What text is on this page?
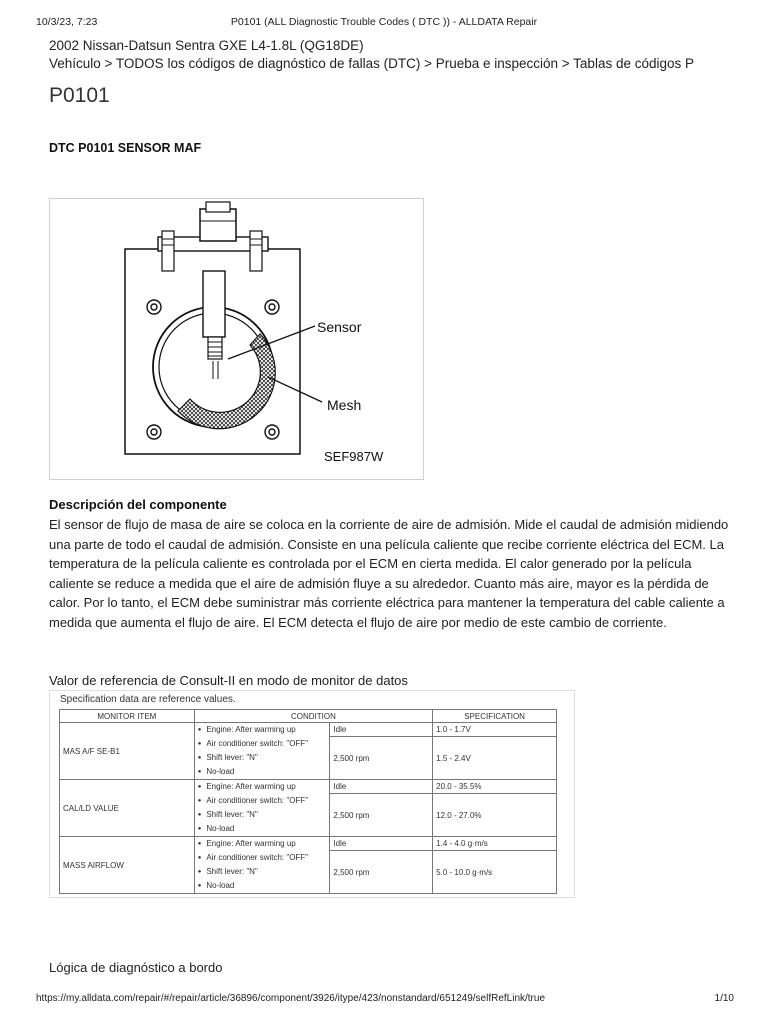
10/3/23, 7:23	P0101 (ALL Diagnostic Trouble Codes ( DTC )) - ALLDATA Repair
2002 Nissan-Datsun Sentra GXE L4-1.8L (QG18DE)
Vehículo > TODOS los códigos de diagnóstico de fallas (DTC) > Prueba e inspección > Tablas de códigos P
P0101
DTC P0101 SENSOR MAF
Sensor
Mesh
SEF987W
Descripción del componente

El sensor de flujo de masa de aire se coloca en la corriente de aire de admisión. Mide el caudal de admisión midiendo una parte de todo el caudal de admisión. Consiste en una película caliente que recibe corriente eléctrica del ECM. La temperatura de la película caliente es controlada por el ECM en cierta medida. El calor generado por la película caliente se reduce a medida que el aire de admisión fluye a su alrededor. Cuanto más aire, mayor es la pérdida de calor. Por lo tanto, el ECM debe suministrar más corriente eléctrica para mantener la temperatura del cable caliente a medida que aumenta el flujo de aire. El ECM detecta el flujo de aire por medio de este cambio de corriente.

Valor de referencia de Consult-II en modo de monitor de datos
Specification data are reference values.
MONITOR ITEM	CONDITION		SPECIFICATION
MAS A/F SE-B1	● Engine: After warming up
● Air conditioner switch: "OFF"
● Shift lever: "N"
● No-load	Idle	1.0 - 1.7V
		2,500 rpm	1.5 - 2.4V
CAL/LD VALUE	● Engine: After warming up
● Air conditioner switch: "OFF"
● Shift lever: "N"
● No-load	Idle	20.0 - 35.5%
		2,500 rpm	12.0 - 27.0%
MASS AIRFLOW	● Engine: After warming up
● Air conditioner switch: "OFF"
● Shift lever: "N"
● No-load	Idle	1.4 - 4.0 g·m/s
		2,500 rpm	5.0 - 10.0 g·m/s
Lógica de diagnóstico a bordo
https://my.alldata.com/repair/#/repair/article/36896/component/3926/itype/423/nonstandard/651249/selfRefLink/true	1/10
